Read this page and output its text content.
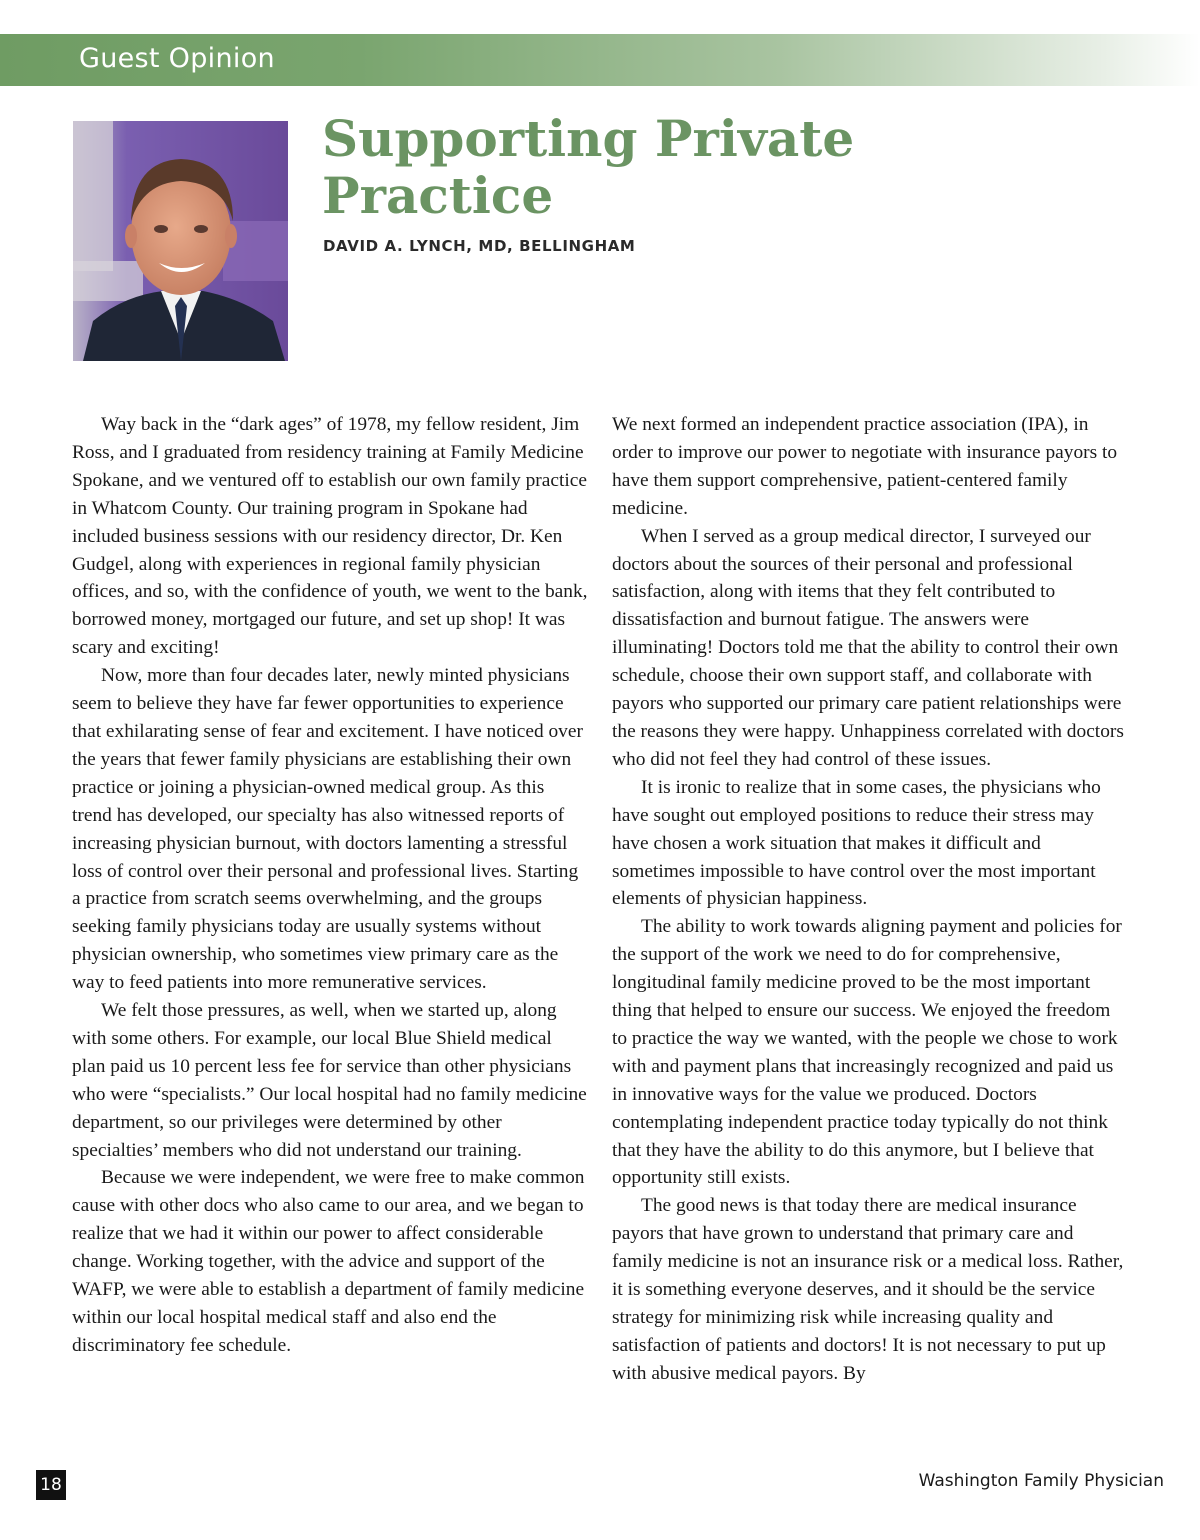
Guest Opinion
Supporting Private Practice
DAVID A. LYNCH, MD, BELLINGHAM

Way back in the “dark ages” of 1978, my fellow resident, Jim Ross, and I graduated from residency training at Family Medicine Spokane, and we ventured off to establish our own family practice in Whatcom County. Our training program in Spokane had included business sessions with our residency director, Dr. Ken Gudgel, along with experiences in regional family physician offices, and so, with the confidence of youth, we went to the bank, borrowed money, mortgaged our future, and set up shop! It was scary and exciting!

Now, more than four decades later, newly minted physicians seem to believe they have far fewer opportunities to experience that exhilarating sense of fear and excitement. I have noticed over the years that fewer family physicians are establishing their own practice or joining a physician-owned medical group. As this trend has developed, our specialty has also witnessed reports of increasing physician burnout, with doctors lamenting a stressful loss of control over their personal and professional lives. Starting a practice from scratch seems overwhelming, and the groups seeking family physicians today are usually systems without physician ownership, who sometimes view primary care as the way to feed patients into more remunerative services.

We felt those pressures, as well, when we started up, along with some others. For example, our local Blue Shield medical plan paid us 10 percent less fee for service than other physicians who were “specialists.” Our local hospital had no family medicine department, so our privileges were determined by other specialties’ members who did not understand our training.

Because we were independent, we were free to make common cause with other docs who also came to our area, and we began to realize that we had it within our power to affect considerable change. Working together, with the advice and support of the WAFP, we were able to establish a department of family medicine within our local hospital medical staff and also end the discriminatory fee schedule.

We next formed an independent practice association (IPA), in order to improve our power to negotiate with insurance payors to have them support comprehensive, patient-centered family medicine.

When I served as a group medical director, I surveyed our doctors about the sources of their personal and professional satisfaction, along with items that they felt contributed to dissatisfaction and burnout fatigue. The answers were illuminating! Doctors told me that the ability to control their own schedule, choose their own support staff, and collaborate with payors who supported our primary care patient relationships were the reasons they were happy. Unhappiness correlated with doctors who did not feel they had control of these issues.

It is ironic to realize that in some cases, the physicians who have sought out employed positions to reduce their stress may have chosen a work situation that makes it difficult and sometimes impossible to have control over the most important elements of physician happiness.

The ability to work towards aligning payment and policies for the support of the work we need to do for comprehensive, longitudinal family medicine proved to be the most important thing that helped to ensure our success. We enjoyed the freedom to practice the way we wanted, with the people we chose to work with and payment plans that increasingly recognized and paid us in innovative ways for the value we produced. Doctors contemplating independent practice today typically do not think that they have the ability to do this anymore, but I believe that opportunity still exists.

The good news is that today there are medical insurance payors that have grown to understand that primary care and family medicine is not an insurance risk or a medical loss. Rather, it is something everyone deserves, and it should be the service strategy for minimizing risk while increasing quality and satisfaction of patients and doctors! It is not necessary to put up with abusive medical payors. By

18	Washington Family Physician
